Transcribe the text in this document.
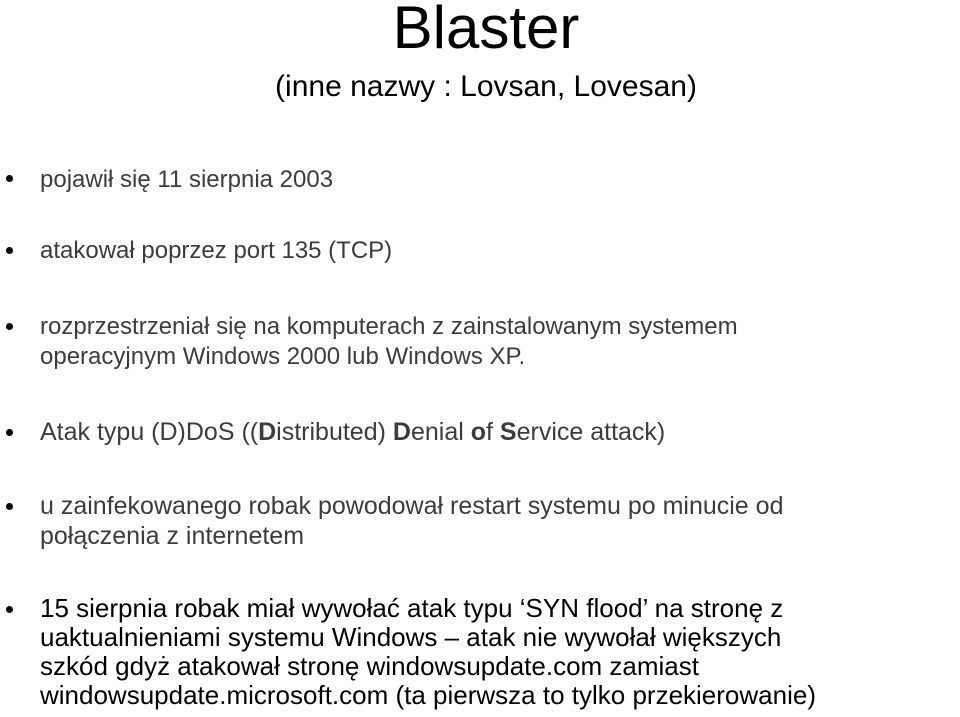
Blaster
(inne nazwy : Lovsan, Lovesan)
pojawił się 11 sierpnia 2003
atakował poprzez port 135 (TCP)
rozprzestrzeniał się na komputerach z zainstalowanym systemem
operacyjnym Windows 2000 lub Windows XP.
Atak typu (D)DoS ((Distributed) Denial of Service attack)
u zainfekowanego robak powodował restart systemu po minucie od
połączenia z internetem
15 sierpnia robak miał wywołać atak typu ‘SYN flood’ na stronę z
uaktualnieniami systemu Windows – atak nie wywołał większych
szkód gdyż atakował stronę windowsupdate.com zamiast
windowsupdate.microsoft.com (ta pierwsza to tylko przekierowanie)
